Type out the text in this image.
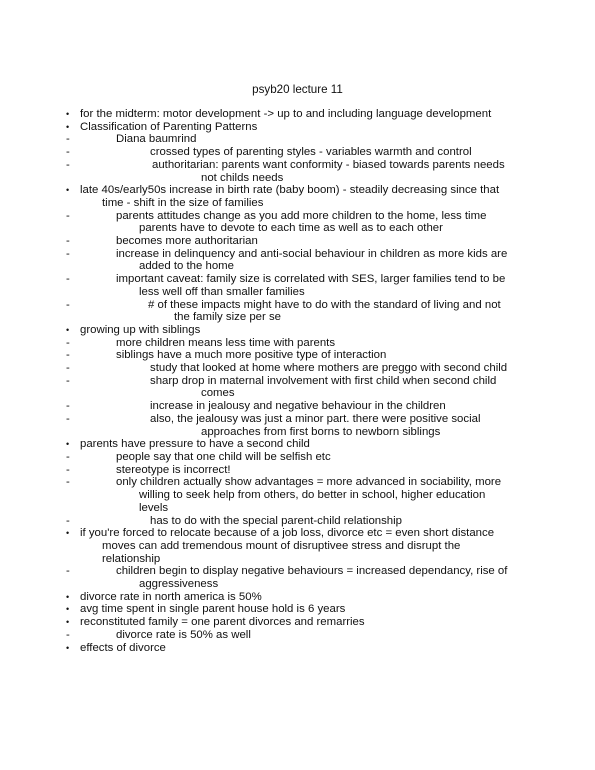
psyb20 lecture 11
• for the midterm: motor development -> up to and including language development
• Classification of Parenting Patterns
-	Diana baumrind
-	crossed types of parenting styles - variables warmth and control
-	authoritarian: parents want conformity - biased towards parents needs
not childs needs
• late 40s/early50s increase in birth rate (baby boom) - steadily decreasing since that
time - shift in the size of families
-	parents attitudes change as you add more children to the home, less time
parents have to devote to each time as well as to each other
-	becomes more authoritarian
-	increase in delinquency and anti-social behaviour in children as more kids are
added to the home
-	important caveat: family size is correlated with SES, larger families tend to be
less well off than smaller families
-	# of these impacts might have to do with the standard of living and not
the family size per se
• growing up with siblings
-	more children means less time with parents
-	siblings have a much more positive type of interaction
-	study that looked at home where mothers are preggo with second child
-	sharp drop in maternal involvement with first child when second child
comes
-	increase in jealousy and negative behaviour in the children
-	also, the jealousy was just a minor part. there were positive social
approaches from first borns to newborn siblings
• parents have pressure to have a second child
-	people say that one child will be selfish etc
-	stereotype is incorrect!
-	only children actually show advantages = more advanced in sociability, more
willing to seek help from others, do better in school, higher education
levels
-	has to do with the special parent-child relationship
• if you're forced to relocate because of a job loss, divorce etc = even short distance
moves can add tremendous mount of disruptivee stress and disrupt the
relationship
-	children begin to display negative behaviours = increased dependancy, rise of
aggressiveness
• divorce rate in north america is 50%
• avg time spent in single parent house hold is 6 years
• reconstituted family = one parent divorces and remarries
-	divorce rate is 50% as well
• effects of divorce
